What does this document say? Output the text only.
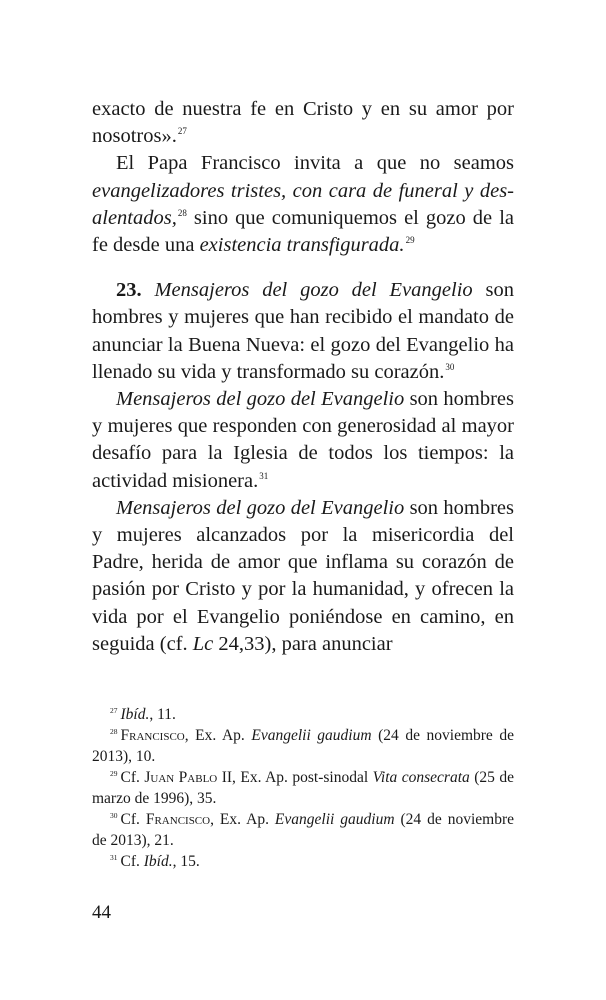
exacto de nuestra fe en Cristo y en su amor por nosotros».$^{27}$

El Papa Francisco invita a que no seamos evangelizadores tristes, con cara de funeral y desalentados,$^{28}$ sino que comuniquemos el gozo de la fe desde una existencia transfigurada.$^{29}$

23. Mensajeros del gozo del Evangelio son hombres y mujeres que han recibido el mandato de anunciar la Buena Nueva: el gozo del Evangelio ha llenado su vida y transformado su corazón.$^{30}$

Mensajeros del gozo del Evangelio son hombres y mujeres que responden con generosidad al mayor desafío para la Iglesia de todos los tiempos: la actividad misionera.$^{31}$

Mensajeros del gozo del Evangelio son hombres y mujeres alcanzados por la misericordia del Padre, herida de amor que inflama su corazón de pasión por Cristo y por la humanidad, y ofrecen la vida por el Evangelio poniéndose en camino, en seguida (cf. Lc 24,33), para anunciar

$^{27}$ Ibíd., 11.

$^{28}$ Francisco, Ex. Ap. Evangelii gaudium (24 de noviembre de 2013), 10.

$^{29}$ Cf. Juan Pablo II, Ex. Ap. post-sinodal Vita consecrata (25 de marzo de 1996), 35.

$^{30}$ Cf. Francisco, Ex. Ap. Evangelii gaudium (24 de noviembre de 2013), 21.

$^{31}$ Cf. Ibíd., 15.

44
